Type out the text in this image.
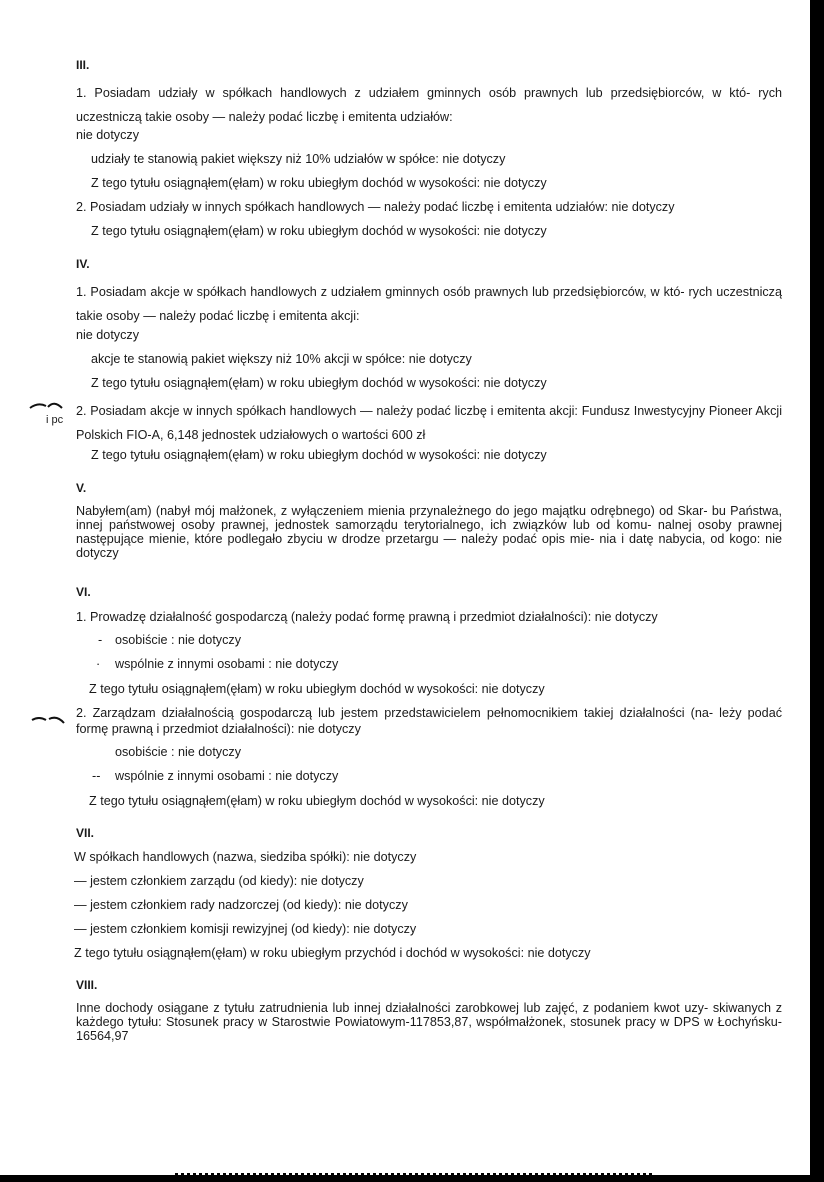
III.
1. Posiadam udziały w spółkach handlowych z udziałem gminnych osób prawnych lub przedsiębiorców, w któ- rych uczestniczą takie osoby — należy podać liczbę i emitenta udziałów:
nie dotyczy
udziały te stanowią pakiet większy niż 10% udziałów w spółce: nie dotyczy
Z tego tytułu osiągnąłem(ęłam) w roku ubiegłym dochód w wysokości: nie dotyczy
2. Posiadam udziały w innych spółkach handlowych — należy podać liczbę i emitenta udziałów: nie dotyczy
Z tego tytułu osiągnąłem(ęłam) w roku ubiegłym dochód w wysokości: nie dotyczy
IV.
1. Posiadam akcje w spółkach handlowych z udziałem gminnych osób prawnych lub przedsiębiorców, w któ- rych uczestniczą takie osoby — należy podać liczbę i emitenta akcji:
nie dotyczy
akcje te stanowią pakiet większy niż 10% akcji w spółce: nie dotyczy
Z tego tytułu osiągnąłem(ęłam) w roku ubiegłym dochód w wysokości: nie dotyczy
2. Posiadam akcje w innych spółkach handlowych — należy podać liczbę i emitenta akcji: Fundusz Inwestycyjny Pioneer Akcji Polskich FIO-A, 6,148 jednostek udziałowych o wartości 600 zł
Z tego tytułu osiągnąłem(ęłam) w roku ubiegłym dochód w wysokości: nie dotyczy
i pc
V.
Nabyłem(am) (nabył mój małżonek, z wyłączeniem mienia przynależnego do jego majątku odrębnego) od Skar- bu Państwa, innej państwowej osoby prawnej, jednostek samorządu terytorialnego, ich związków lub od komu- nalnej osoby prawnej następujące mienie, które podlegało zbyciu w drodze przetargu — należy podać opis mie- nia i datę nabycia, od kogo: nie dotyczy
VI.
1. Prowadzę działalność gospodarczą (należy podać formę prawną i przedmiot działalności): nie dotyczy
- osobiście : nie dotyczy
· wspólnie z innymi osobami : nie dotyczy
Z tego tytułu osiągnąłem(ęłam) w roku ubiegłym dochód w wysokości: nie dotyczy
2. Zarządzam działalnością gospodarczą lub jestem przedstawicielem pełnomocnikiem takiej działalności (na- leży podać formę prawną i przedmiot działalności): nie dotyczy
osobiście : nie dotyczy
-- wspólnie z innymi osobami : nie dotyczy
Z tego tytułu osiągnąłem(ęłam) w roku ubiegłym dochód w wysokości: nie dotyczy
VII.
W spółkach handlowych (nazwa, siedziba spółki): nie dotyczy
— jestem członkiem zarządu (od kiedy): nie dotyczy
— jestem członkiem rady nadzorczej (od kiedy): nie dotyczy
— jestem członkiem komisji rewizyjnej (od kiedy): nie dotyczy
Z tego tytułu osiągnąłem(ęłam) w roku ubiegłym przychód i dochód w wysokości: nie dotyczy
VIII.
Inne dochody osiągane z tytułu zatrudnienia lub innej działalności zarobkowej lub zajęć, z podaniem kwot uzy- skiwanych z każdego tytułu: Stosunek pracy w Starostwie Powiatowym-117853,87, współmałżonek, stosunek pracy w DPS w Łochyńsku-16564,97
